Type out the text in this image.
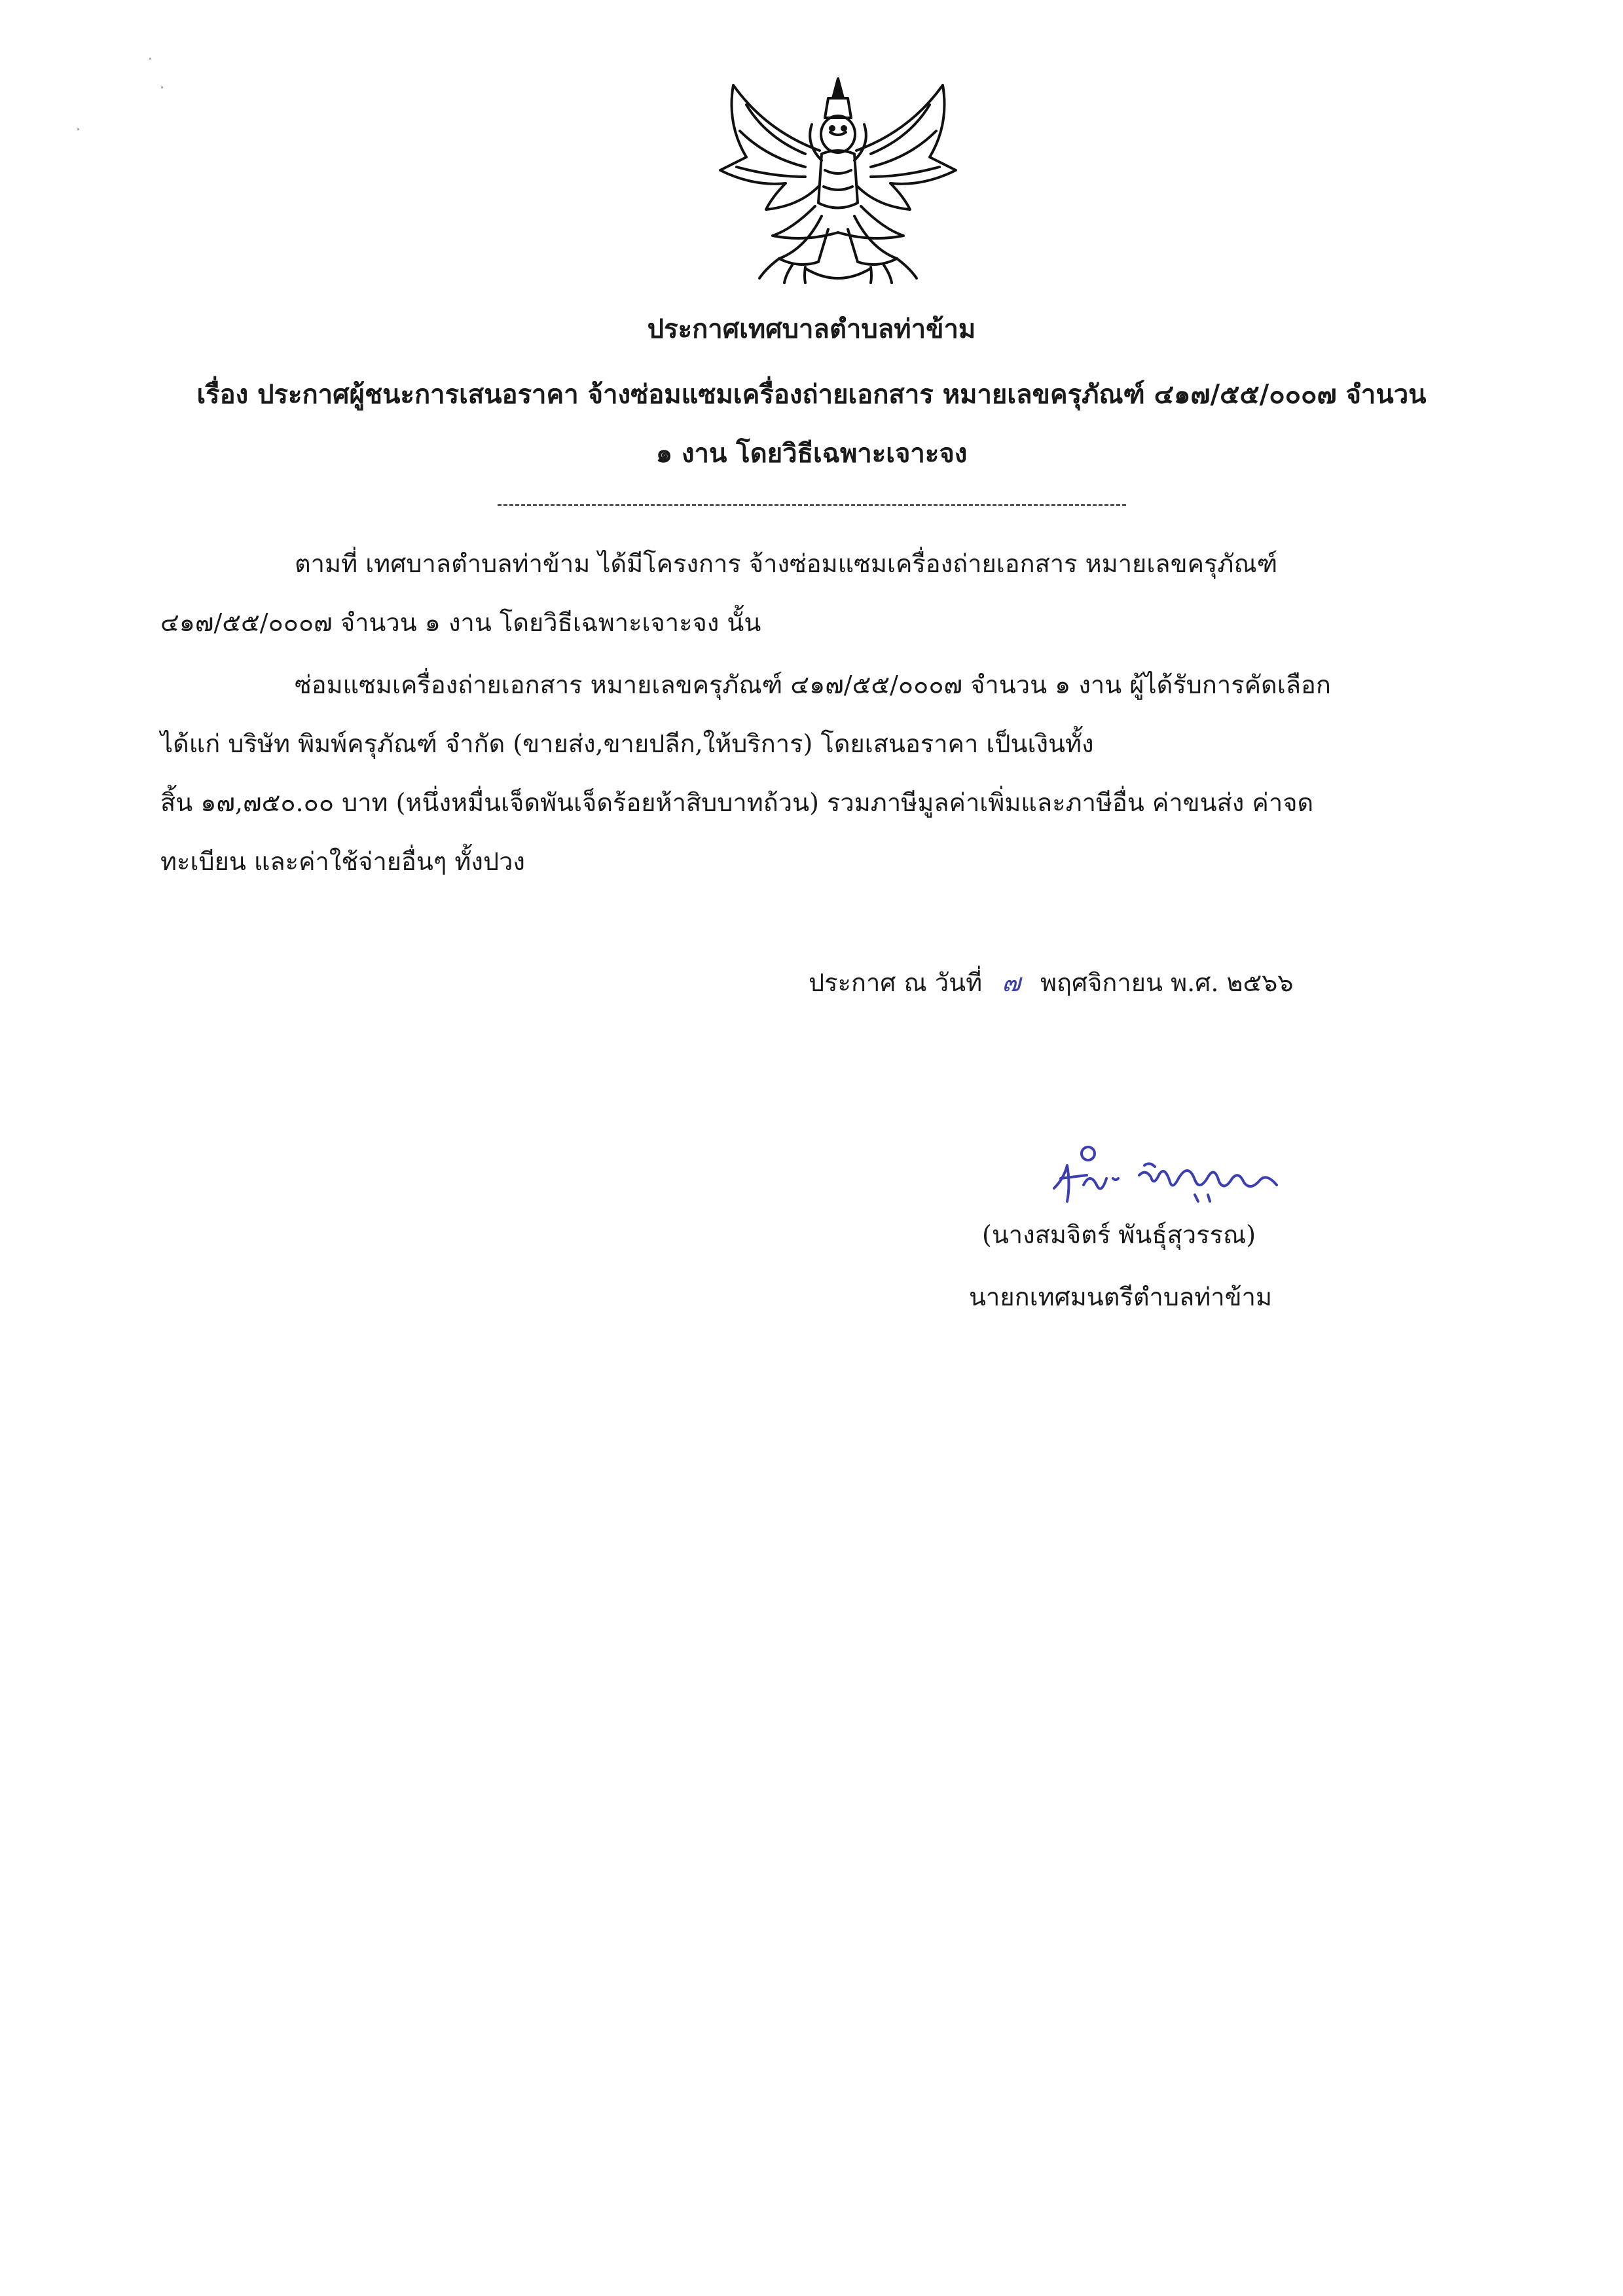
ประกาศเทศบาลตำบลท่าข้าม
เรื่อง ประกาศผู้ชนะการเสนอราคา จ้างซ่อมแซมเครื่องถ่ายเอกสาร หมายเลขครุภัณฑ์ ๔๑๗/๕๕/๐๐๐๗ จำนวน
๑ งาน โดยวิธีเฉพาะเจาะจง
ตามที่ เทศบาลตำบลท่าข้าม ได้มีโครงการ จ้างซ่อมแซมเครื่องถ่ายเอกสาร หมายเลขครุภัณฑ์
๔๑๗/๕๕/๐๐๐๗ จำนวน ๑ งาน โดยวิธีเฉพาะเจาะจง นั้น
ซ่อมแซมเครื่องถ่ายเอกสาร หมายเลขครุภัณฑ์ ๔๑๗/๕๕/๐๐๐๗ จำนวน ๑ งาน ผู้ได้รับการคัดเลือก
ได้แก่ บริษัท พิมพ์ครุภัณฑ์ จำกัด (ขายส่ง,ขายปลีก,ให้บริการ) โดยเสนอราคา เป็นเงินทั้ง
สิ้น ๑๗,๗๕๐.๐๐ บาท (หนึ่งหมื่นเจ็ดพันเจ็ดร้อยห้าสิบบาทถ้วน) รวมภาษีมูลค่าเพิ่มและภาษีอื่น ค่าขนส่ง ค่าจด
ทะเบียน และค่าใช้จ่ายอื่นๆ ทั้งปวง
ประกาศ ณ วันที่ ๗ พฤศจิกายน พ.ศ. ๒๕๖๖
(นางสมจิตร์ พันธุ์สุวรรณ)
นายกเทศมนตรีตำบลท่าข้าม
